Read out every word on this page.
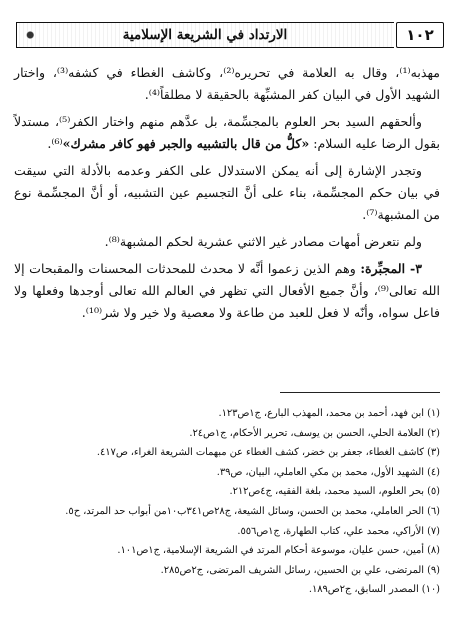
١٠٢
الارتداد في الشريعة الإسلامية

مهذبه⁽¹⁾، وقال به العلامة في تحريره⁽²⁾، وكاشف الغطاء في كشفه⁽³⁾، واختار الشهيد الأول في البيان كفر المشبِّهة بالحقيقة لا مطلقاً⁽⁴⁾.

وألحقهم السيد بحر العلوم بالمجسِّمة، بل عدَّهم منهم واختار الكفر⁽⁵⁾، مستدلاً بقول الرضا عليه السلام: «كلُّ من قال بالتشبيه والجبر فهو كافر مشرك»⁽⁶⁾.

وتجدر الإشارة إلى أنه يمكن الاستدلال على الكفر وعدمه بالأدلة التي سيقت في بيان حكم المجسِّمة، بناء على أنَّ التجسيم عين التشبيه، أو أنَّ المجسِّمة نوع من المشبهة⁽⁷⁾.

ولم نتعرض أمهات مصادر غير الاثني عشرية لحكم المشبهة⁽⁸⁾.

٣- المجبِّرة: وهم الذين زعموا أنَّه لا محدث للمحدثات المحسنات والمقبحات إلا الله تعالى⁽⁹⁾، وأنَّ جميع الأفعال التي تظهر في العالم الله تعالى أوجدها وفعلها ولا فاعل سواه، وأنّه لا فعل للعبد من طاعة ولا معصية ولا خير ولا شر⁽¹⁰⁾.

(١) ابن فهد، أحمد بن محمد، المهذب البارع، ج١ص١٢٣.
(٢) العلامة الحلي، الحسن بن يوسف، تحرير الأحكام، ج١ص٢٤.
(٣) كاشف الغطاء، جعفر بن خضر، كشف الغطاء عن مبهمات الشريعة الغراء، ص٤١٧.
(٤) الشهيد الأول، محمد بن مكي العاملي، البيان، ص٣٩.
(٥) بحر العلوم، السيد محمد، بلغة الفقيه، ج٤ص٢١٢.
(٦) الحر العاملي، محمد بن الحسن، وسائل الشيعة، ج٢٨ص٣٤١ب١٠من أبواب حد المرتد، ح٥.
(٧) الأراكي، محمد علي، كتاب الطهارة، ج١ص٥٥٦.
(٨) أمين، حسن عليان، موسوعة أحكام المرتد في الشريعة الإسلامية، ج١ص١٠١.
(٩) المرتضى، علي بن الحسين، رسائل الشريف المرتضى، ج٢ص٢٨٥.
(١٠) المصدر السابق، ج٢ص١٨٩.
